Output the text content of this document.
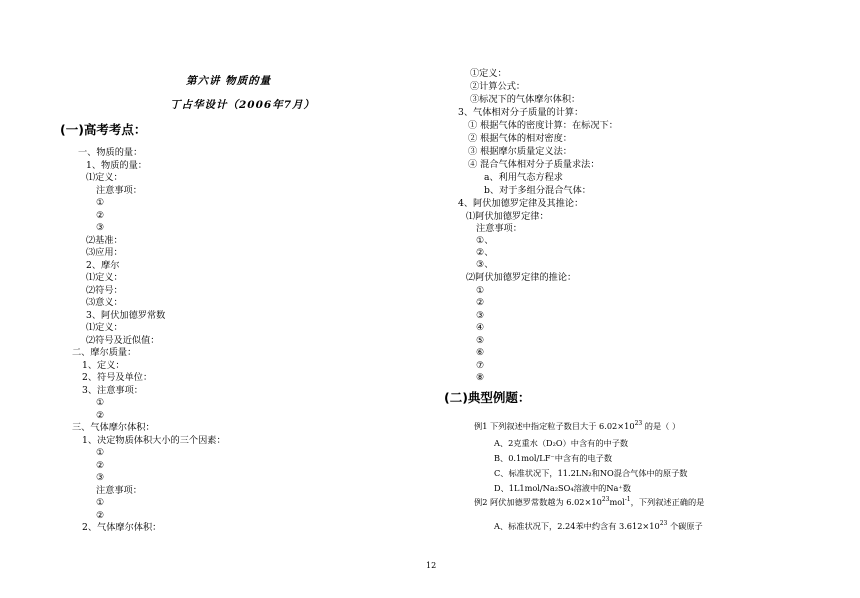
第六讲 物质的量
丁占华设计（2006年7月）
(一)高考考点：
一、物质的量：
1、物质的量：
⑴定义：
注意事项：
①
②
③
⑵基准：
⑶应用：
2、摩尔
⑴定义：
⑵符号：
⑶意义：
3、阿伏加德罗常数
⑴定义：
⑵符号及近似值：
二、摩尔质量：
1、定义：
2、符号及单位：
3、注意事项：
①
②
三、气体摩尔体积：
1、决定物质体积大小的三个因素：
①
②
③
注意事项：
①
②
2、气体摩尔体积：
①定义：
②计算公式：
③标况下的气体摩尔体积：
3、气体相对分子质量的计算：
① 根据气体的密度计算：在标况下：
② 根据气体的相对密度：
③ 根据摩尔质量定义法：
④ 混合气体相对分子质量求法：
a、利用气态方程求
b、对于多组分混合气体：
4、阿伏加德罗定律及其推论：
⑴阿伏加德罗定律：
注意事项：
①、
②、
③、
⑵阿伏加德罗定律的推论：
①
②
③
④
⑤
⑥
⑦
⑧
(二)典型例题：
例1 下列叙述中指定粒子数目大于 $6.02\times 10^{23}$ 的是（ ）
A、2克重水（D₂O）中含有的中子数
B、0.1mol/LF⁻中含有的电子数
C、标准状况下，11.2LN₂和NO混合气体中的原子数
D、1L1mol/Na₂SO₄溶液中的Na⁺数
例2 阿伏加德罗常数越为 $6.02\times 10^{23}mol^{-1}$，下列叙述正确的是
A、标准状况下，2.24苯中约含有 $3.612\times 10^{23}$ 个碳原子
12
